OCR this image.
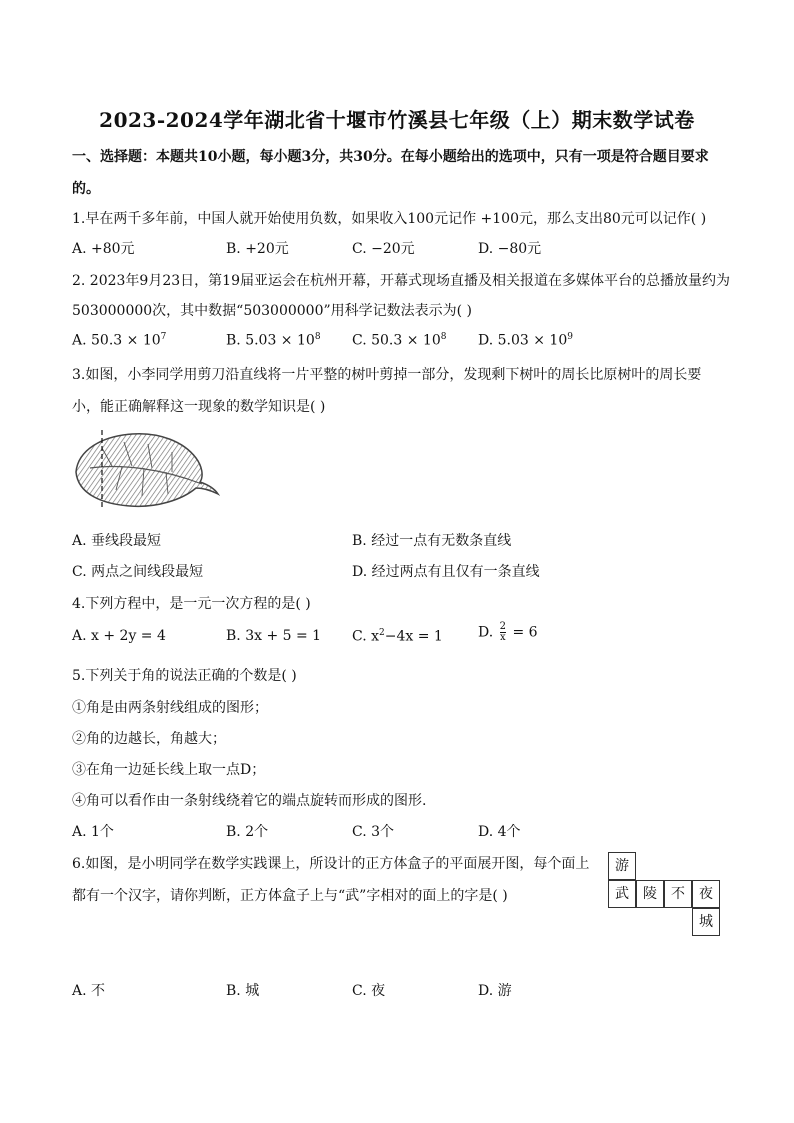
2023-2024学年湖北省十堰市竹溪县七年级（上）期末数学试卷
一、选择题：本题共10小题，每小题3分，共30分。在每小题给出的选项中，只有一项是符合题目要求
的。
1.早在两千多年前，中国人就开始使用负数，如果收入100元记作 +100元，那么支出80元可以记作( )
A. +80元	B. +20元	C. −20元	D. −80元
2. 2023年9月23日，第19届亚运会在杭州开幕，开幕式现场直播及相关报道在多媒体平台的总播放量约为
503000000次，其中数据“503000000”用科学记数法表示为( )
A. $50.3 \times 10^7$	B. $5.03 \times 10^8$ C. $50.3 \times 10^8$ D. $5.03 \times 10^9$
3.如图，小李同学用剪刀沿直线将一片平整的树叶剪掉一部分，发现剩下树叶的周长比原树叶的周长要
小，能正确解释这一现象的数学知识是( )
A. 垂线段最短	B. 经过一点有无数条直线
C. 两点之间线段最短	D. 经过两点有且仅有一条直线
4.下列方程中，是一元一次方程的是( )
A. x + 2y = 4	B. 3x + 5 = 1 C. $x^2-4x = 1$	D. $\frac{2}{x} = 6$
5.下列关于角的说法正确的个数是( )
①角是由两条射线组成的图形；
②角的边越长，角越大；
③在角一边延长线上取一点D；
④角可以看作由一条射线绕着它的端点旋转而形成的图形.
A. 1个	B. 2个	C. 3个	D. 4个
6.如图，是小明同学在数学实践课上，所设计的正方体盒子的平面展开图，每个面上
都有一个汉字，请你判断，正方体盒子上与“武”字相对的面上的字是( )
游
武	陵	不	夜
城
A. 不	B. 城	C. 夜	D. 游
